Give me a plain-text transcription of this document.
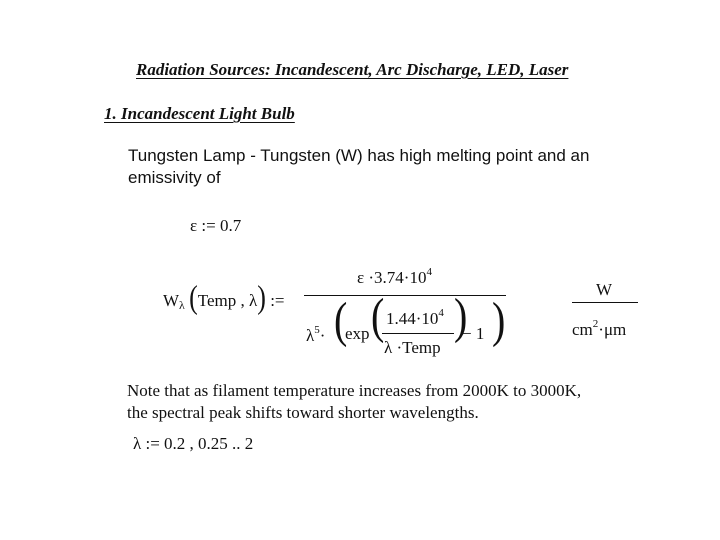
Radiation Sources: Incandescent, Arc Discharge, LED, Laser
1. Incandescent Light Bulb
Tungsten Lamp - Tungsten (W) has high melting point and an
emissivity of
ε := 0.7
$W_\lambda$ (Temp , λ) :=
$\varepsilon \cdot 3.74\cdot 10^4$
$\lambda^5\cdot$ (
exp ( $1.44\cdot 10^4$
λ ·Temp
)
− 1 )
W
$cm^2\cdot\mu m$
Note that as filament temperature increases from 2000K to 3000K,
the spectral peak shifts toward shorter wavelengths.
λ := 0.2 , 0.25 .. 2
